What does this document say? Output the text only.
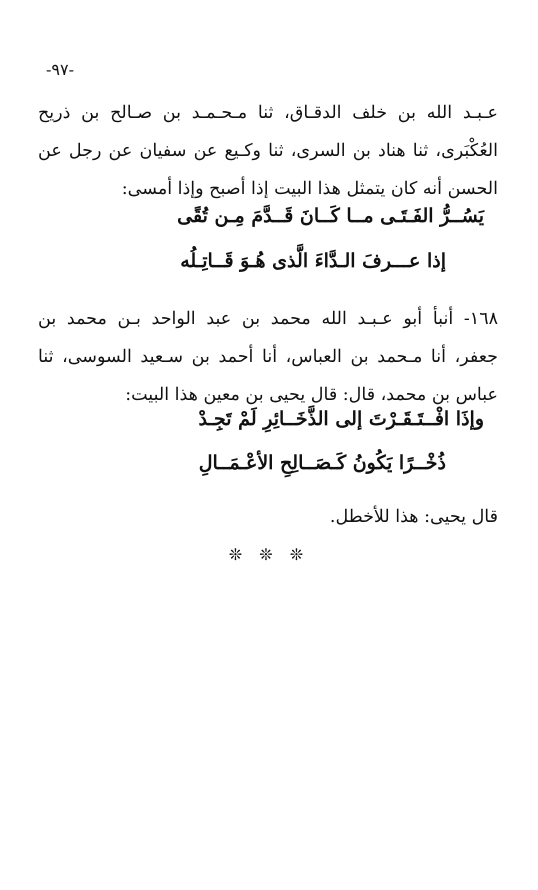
-٩٧-
عـبـد الله بن خلف الدقـاق، ثنا مـحـمـد بن صـالح بن ذريح
العُكْبَرى، ثنا هناد بن السرى، ثنا وكـيع عن سفيان عن رجل عن
الحسن أنه كان يتمثل هذا البيت إذا أصبح وإذا أمسى:
يَسُــرُّ الفَـتَـى مــا كَــانَ قَــدَّمَ مِـن تُقًى
إذا عـــرفَ الـدَّاءَ الَّذى هُـوَ قَــاتِـلُه
١٦٨- أنبأ أبو عـبـد الله محمد بن عبد الواحد بـن محمد بن
جعفر، أنا مـحمد بن العباس، أنا أحمد بن سـعيد السوسى، ثنا
عباس بن محمد، قال: قال يحيى بن معين هذا البيت:
وإذَا افْــتَـقَـرْتَ إلى الذَّخَــائِرِ لَمْ تَجِـدْ
ذُخْــرًا يَكُونُ كَـصَــالِحِ الأعْـمَــالِ
قال يحيى: هذا للأخطل.
❊ ❊ ❊
